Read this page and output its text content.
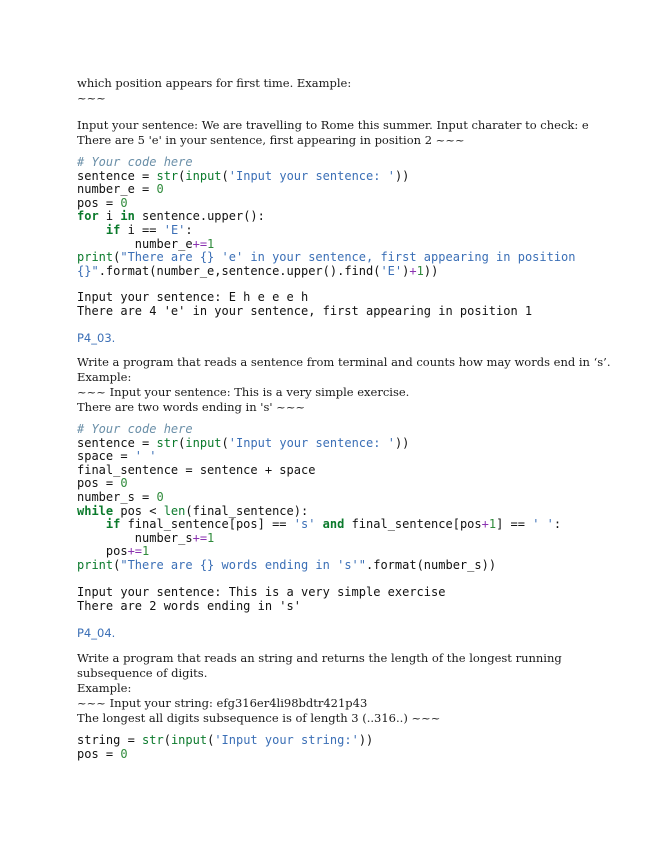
which position appears for first time. Example:
~~~
Input your sentence: We are travelling to Rome this summer. Input charater to check: e
There are 5 'e' in your sentence, first appearing in position 2 ~~~
# Your code here
sentence = str(input('Input your sentence: '))
number_e = 0
pos = 0
for i in sentence.upper():
if i == 'E':
number_e+=1
print("There are {} 'e' in your sentence, first appearing in position
{}".format(number_e,sentence.upper().find('E')+1))
Input your sentence: E h e e e h
There are 4 'e' in your sentence, first appearing in position 1
P4_03.
Write a program that reads a sentence from terminal and counts how may words end in ‘s’.
Example:
~~~ Input your sentence: This is a very simple exercise.
There are two words ending in 's' ~~~
# Your code here
sentence = str(input('Input your sentence: '))
space = ' '
final_sentence = sentence + space
pos = 0
number_s = 0
while pos < len(final_sentence):
if final_sentence[pos] == 's' and final_sentence[pos+1] == ' ':
number_s+=1
pos+=1
print("There are {} words ending in 's'".format(number_s))
Input your sentence: This is a very simple exercise
There are 2 words ending in 's'
P4_04.
Write a program that reads an string and returns the length of the longest running
subsequence of digits.
Example:
~~~ Input your string: efg316er4li98bdtr421p43
The longest all digits subsequence is of length 3 (..316..) ~~~
string = str(input('Input your string:'))
pos = 0
